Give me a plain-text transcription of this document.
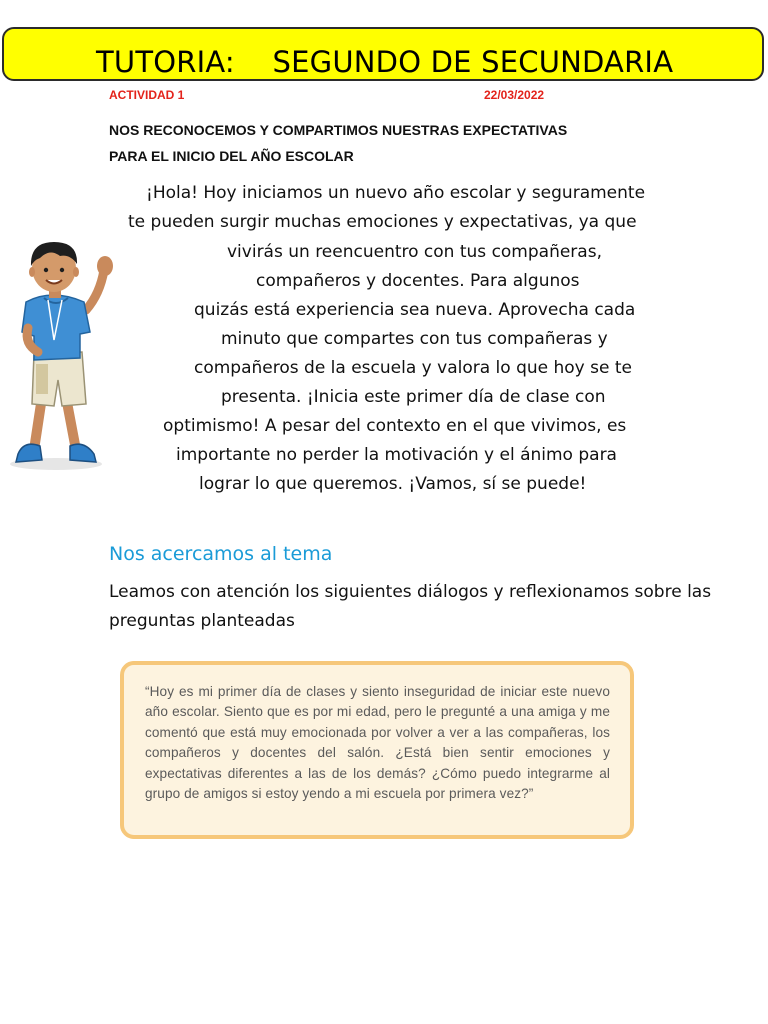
TUTORIA:    SEGUNDO DE SECUNDARIA
ACTIVIDAD 1	22/03/2022
NOS RECONOCEMOS Y COMPARTIMOS NUESTRAS EXPECTATIVAS
PARA EL INICIO DEL AÑO ESCOLAR
¡Hola! Hoy iniciamos un nuevo año escolar y seguramente
te pueden surgir muchas emociones y expectativas, ya que
vivirás un reencuentro con tus compañeras,
compañeros y docentes. Para algunos
quizás está experiencia sea nueva. Aprovecha cada
minuto que compartes con tus compañeras y
compañeros de la escuela y valora lo que hoy se te
presenta. ¡Inicia este primer día de clase con
optimismo! A pesar del contexto en el que vivimos, es
importante no perder la motivación y el ánimo para
lograr lo que queremos. ¡Vamos, sí se puede!
Nos acercamos al tema
Leamos con atención los siguientes diálogos y reflexionamos sobre las preguntas planteadas
“Hoy es mi primer día de clases y siento inseguridad de iniciar este nuevo año escolar. Siento que es por mi edad, pero le pregunté a una amiga y me comentó que está muy emocionada por volver a ver a las compañeras, los compañeros y docentes del salón. ¿Está bien sentir emociones y expectativas diferentes a las de los demás? ¿Cómo puedo integrarme al grupo de amigos si estoy yendo a mi escuela por primera vez?”
